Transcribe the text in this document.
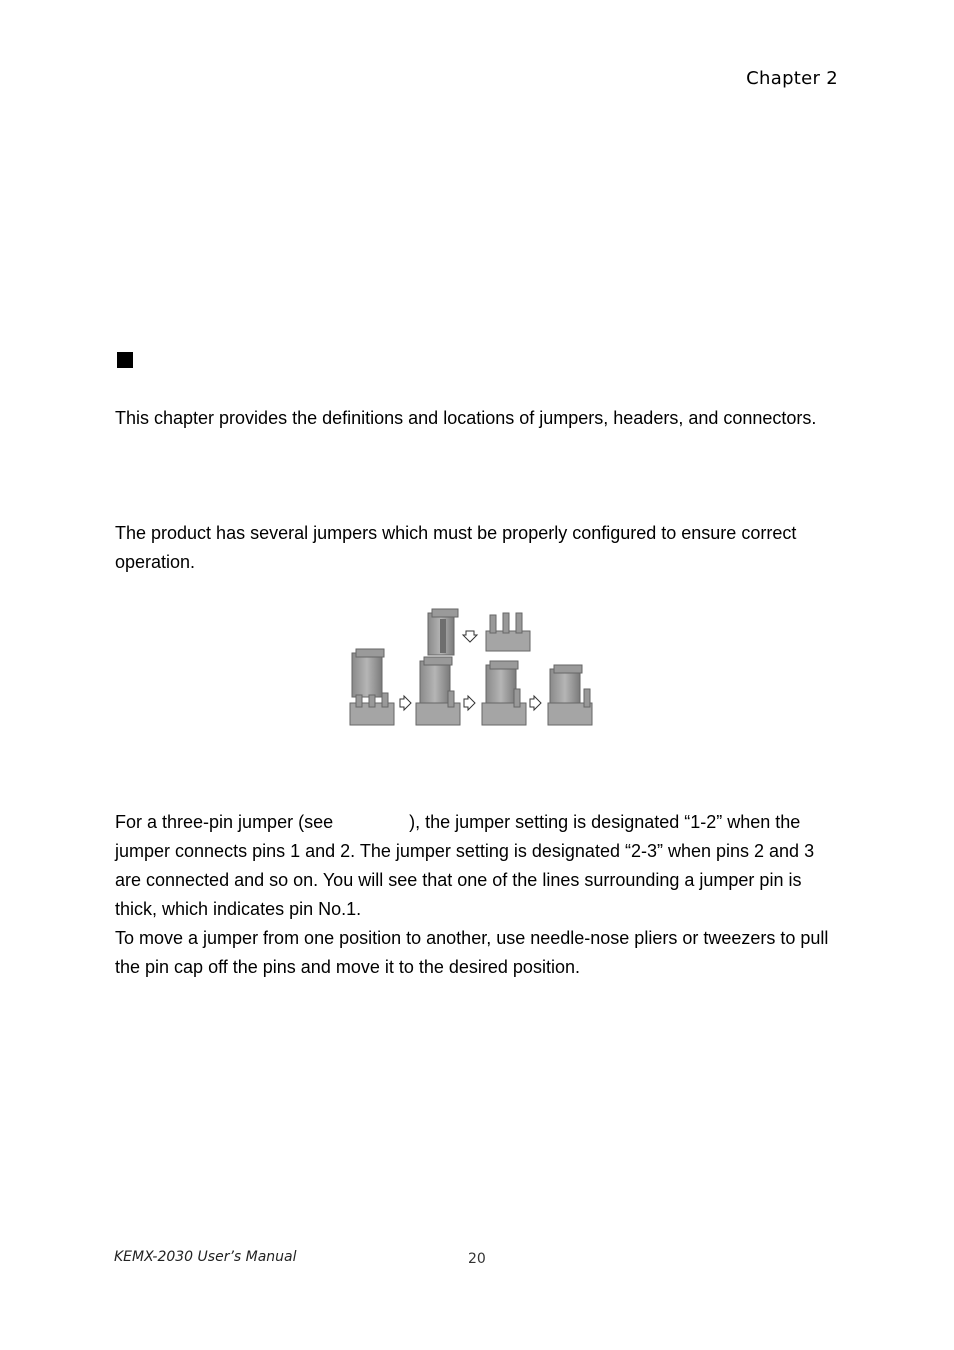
Chapter 2

This chapter provides the definitions and locations of jumpers, headers, and connectors.

The product has several jumpers which must be properly configured to ensure correct operation.

For a three-pin jumper (see	), the jumper setting is designated “1-2” when the jumper connects pins 1 and 2. The jumper setting is designated “2-3” when pins 2 and 3 are connected and so on. You will see that one of the lines surrounding a jumper pin is thick, which indicates pin No.1.
To move a jumper from one position to another, use needle-nose pliers or tweezers to pull the pin cap off the pins and move it to the desired position.

KEMX-2030 User’s Manual	20
